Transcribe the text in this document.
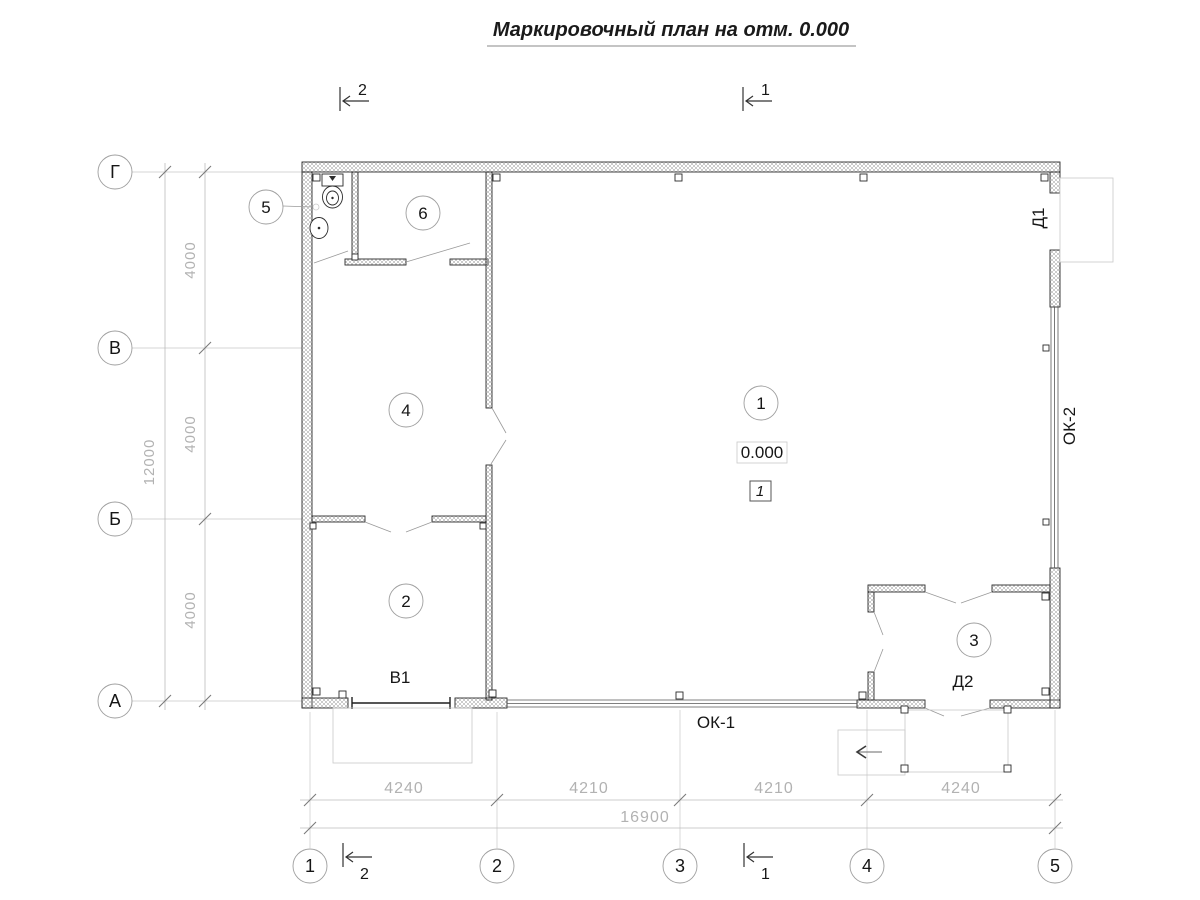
Маркировочный план на отм. 0.000
4000
4000
4000
12000
Г
В
Б
А
4240	4210	4210	4240
16900
1	2	3	4	5
2	1
2	1
1
2
3
4
5	6
0.000
1
В1
ОК-1
Д2
Д1
ОК-2
